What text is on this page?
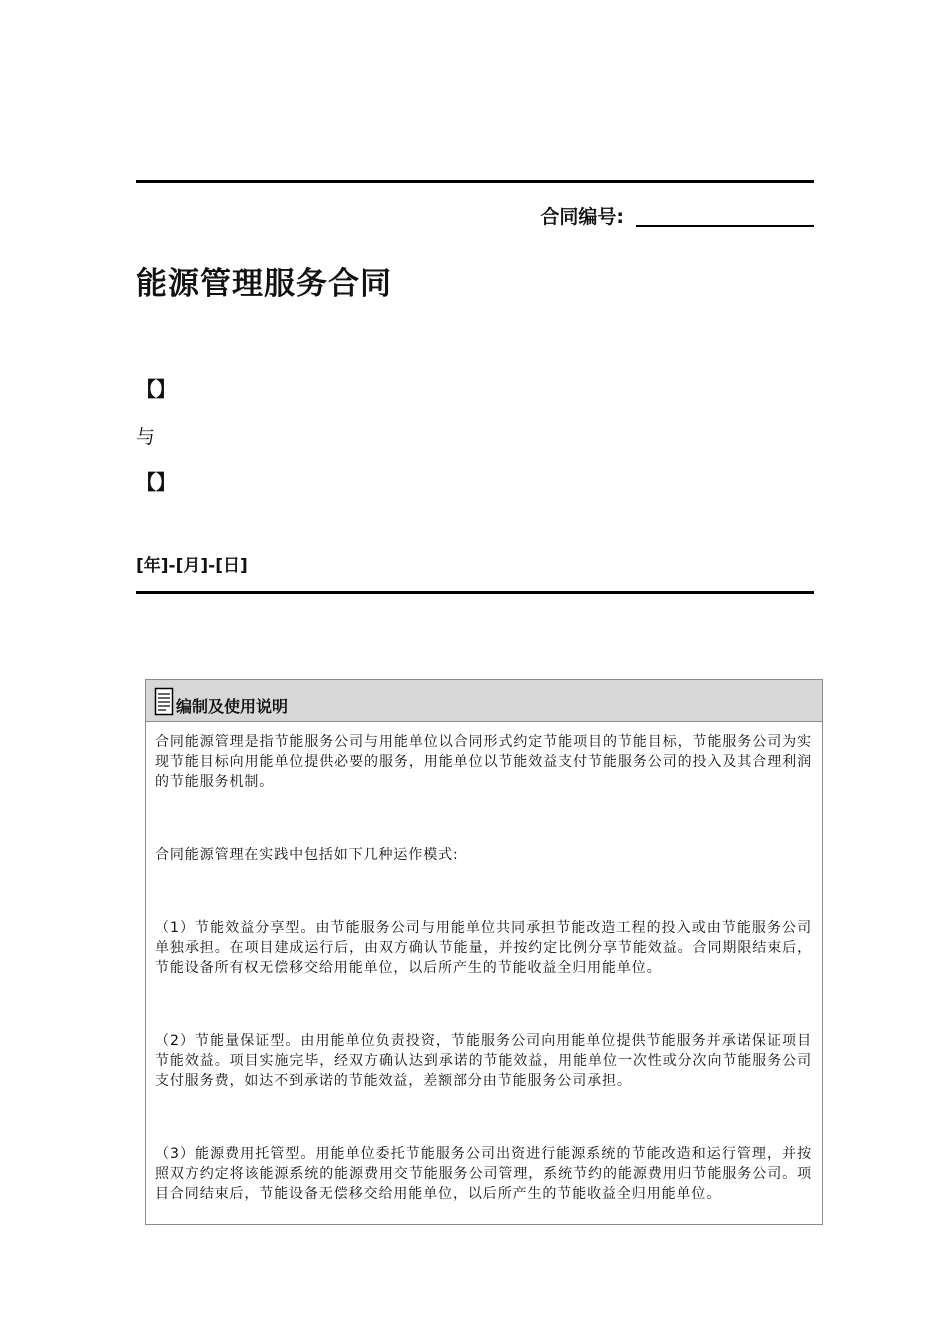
合同编号:
能源管理服务合同
【】
与
【】
[年]-[月]-[日]
编制及使用说明

合同能源管理是指节能服务公司与用能单位以合同形式约定节能项目的节能目标，节能服务公司为实现节能目标向用能单位提供必要的服务，用能单位以节能效益支付节能服务公司的投入及其合理利润的节能服务机制。

合同能源管理在实践中包括如下几种运作模式:

（1）节能效益分享型。由节能服务公司与用能单位共同承担节能改造工程的投入或由节能服务公司单独承担。在项目建成运行后，由双方确认节能量，并按约定比例分享节能效益。合同期限结束后，节能设备所有权无偿移交给用能单位，以后所产生的节能收益全归用能单位。

（2）节能量保证型。由用能单位负责投资，节能服务公司向用能单位提供节能服务并承诺保证项目节能效益。项目实施完毕，经双方确认达到承诺的节能效益，用能单位一次性或分次向节能服务公司支付服务费，如达不到承诺的节能效益，差额部分由节能服务公司承担。

（3）能源费用托管型。用能单位委托节能服务公司出资进行能源系统的节能改造和运行管理，并按照双方约定将该能源系统的能源费用交节能服务公司管理，系统节约的能源费用归节能服务公司。项目合同结束后，节能设备无偿移交给用能单位，以后所产生的节能收益全归用能单位。
